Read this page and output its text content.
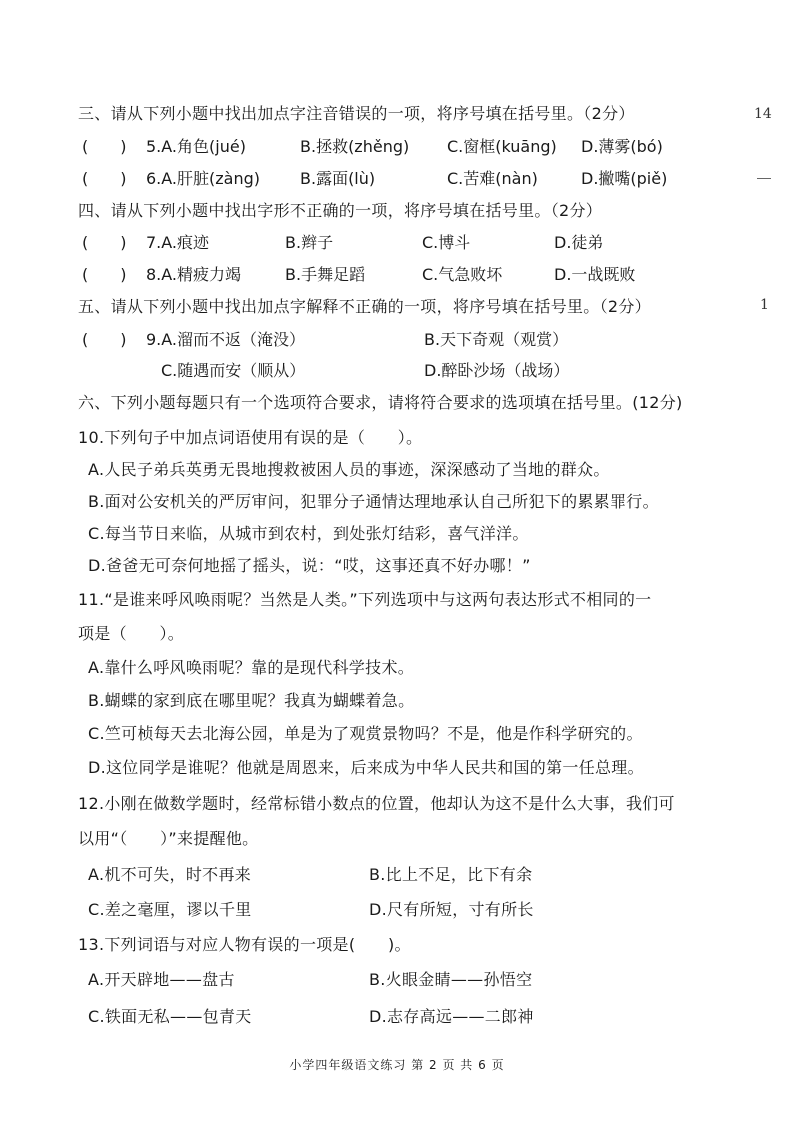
14
1
三、请从下列小题中找出加点字注音错误的一项，将序号填在括号里。（2分）
(　　) 5.A.角色(jué)	B.拯救(zhěng) C.窗框(kuāng) D.薄雾(bó)
(　　) 6.A.肝脏(zàng) B.露面(lù)	C.苦难(nàn)	D.撇嘴(piě)
四、请从下列小题中找出字形不正确的一项，将序号填在括号里。（2分）
(　　) 7.A.痕迹	B.辫子	C.博斗	D.徒弟
(　　) 8.A.精疲力竭	B.手舞足蹈	C.气急败坏	D.一战既败
五、请从下列小题中找出加点字解释不正确的一项，将序号填在括号里。（2分）
(　　) 9.A.溜而不返（淹没）	B.天下奇观（观赏）
C.随遇而安（顺从）	D.醉卧沙场（战场）
六、下列小题每题只有一个选项符合要求，请将符合要求的选项填在括号里。(12分)
10.下列句子中加点词语使用有误的是（　　）。
A.人民子弟兵英勇无畏地搜救被困人员的事迹，深深感动了当地的群众。
B.面对公安机关的严厉审问，犯罪分子通情达理地承认自己所犯下的累累罪行。
C.每当节日来临，从城市到农村，到处张灯结彩，喜气洋洋。
D.爸爸无可奈何地摇了摇头，说：“哎，这事还真不好办哪！”
11.“是谁来呼风唤雨呢？当然是人类。”下列选项中与这两句表达形式不相同的一
项是（　　）。
A.靠什么呼风唤雨呢？靠的是现代科学技术。
B.蝴蝶的家到底在哪里呢？我真为蝴蝶着急。
C.竺可桢每天去北海公园，单是为了观赏景物吗？不是，他是作科学研究的。
D.这位同学是谁呢？他就是周恩来，后来成为中华人民共和国的第一任总理。
12.小刚在做数学题时，经常标错小数点的位置，他却认为这不是什么大事，我们可
以用“（　　）”来提醒他。
A.机不可失，时不再来	B.比上不足，比下有余
C.差之毫厘，谬以千里	D.尺有所短，寸有所长
13.下列词语与对应人物有误的一项是(　　)。
A.开天辟地——盘古	B.火眼金睛——孙悟空
C.铁面无私——包青天	D.志存高远——二郎神
小学四年级语文练习 第 2 页 共 6 页
